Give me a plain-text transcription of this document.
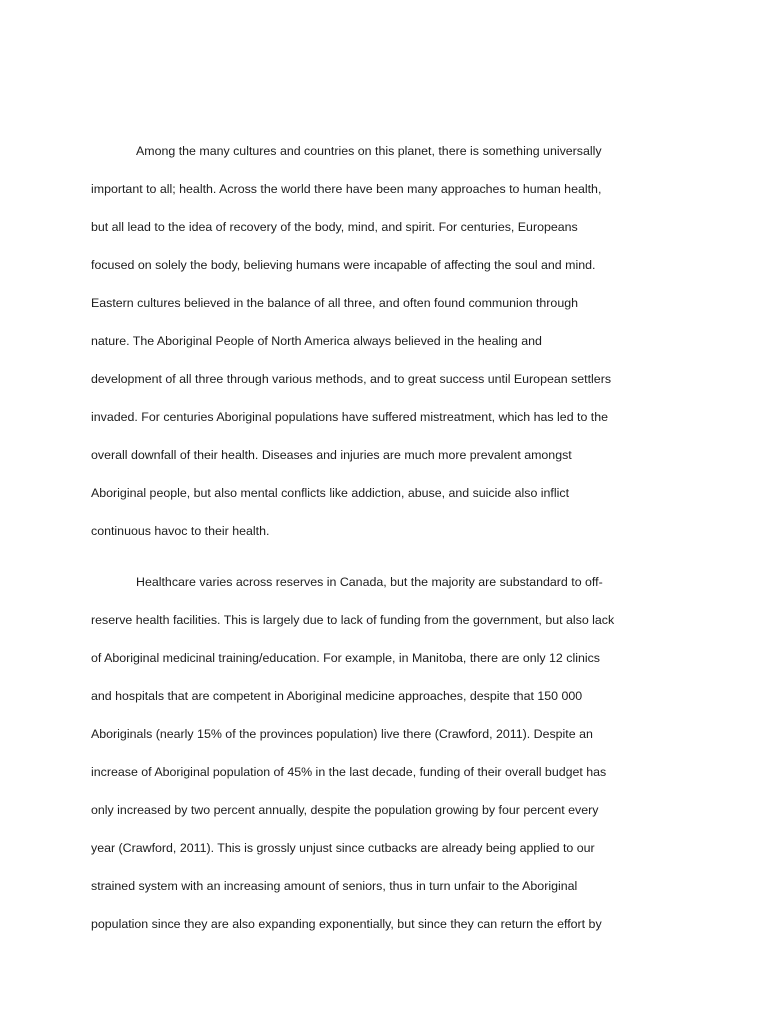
Among the many cultures and countries on this planet, there is something universally
important to all; health. Across the world there have been many approaches to human health,
but all lead to the idea of recovery of the body, mind, and spirit. For centuries, Europeans
focused on solely the body, believing humans were incapable of affecting the soul and mind.
Eastern cultures believed in the balance of all three, and often found communion through
nature. The Aboriginal People of North America always believed in the healing and
development of all three through various methods, and to great success until European settlers
invaded. For centuries Aboriginal populations have suffered mistreatment, which has led to the
overall downfall of their health. Diseases and injuries are much more prevalent amongst
Aboriginal people, but also mental conflicts like addiction, abuse, and suicide also inflict
continuous havoc to their health.
Healthcare varies across reserves in Canada, but the majority are substandard to off-
reserve health facilities. This is largely due to lack of funding from the government, but also lack
of Aboriginal medicinal training/education. For example, in Manitoba, there are only 12 clinics
and hospitals that are competent in Aboriginal medicine approaches, despite that 150 000
Aboriginals (nearly 15% of the provinces population) live there (Crawford, 2011). Despite an
increase of Aboriginal population of 45% in the last decade, funding of their overall budget has
only increased by two percent annually, despite the population growing by four percent every
year (Crawford, 2011). This is grossly unjust since cutbacks are already being applied to our
strained system with an increasing amount of seniors, thus in turn unfair to the Aboriginal
population since they are also expanding exponentially, but since they can return the effort by
